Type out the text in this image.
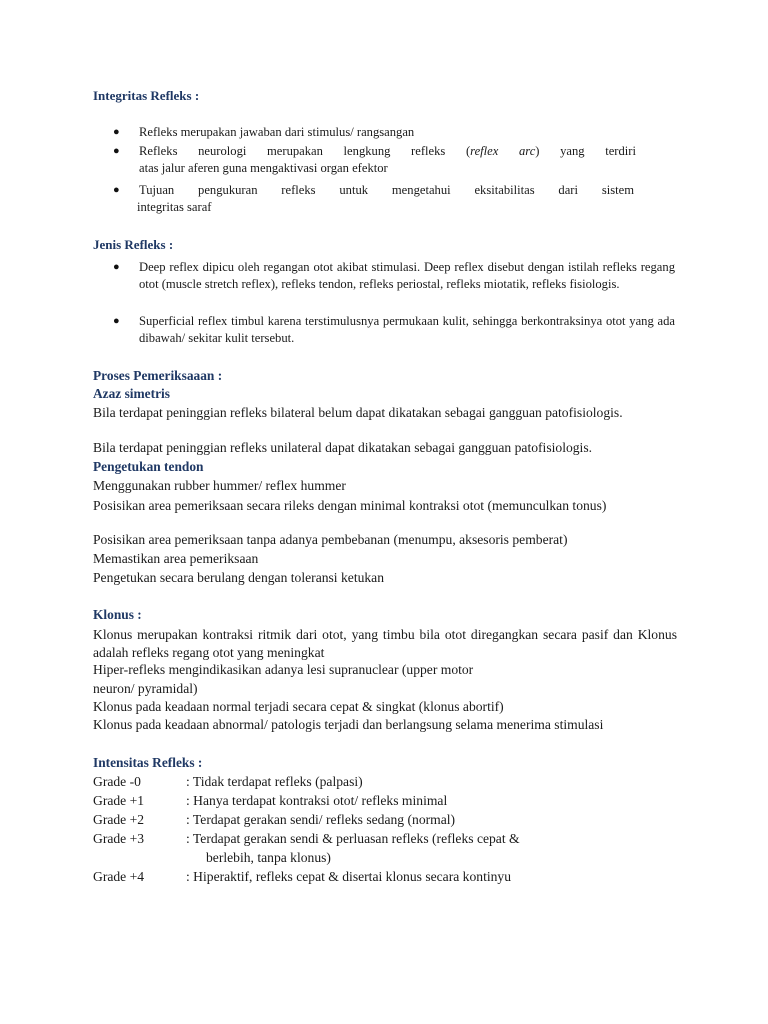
Integritas Refleks :
● Refleks merupakan jawaban dari stimulus/ rangsangan
● Refleks neurologi merupakan lengkung refleks (reflex arc) yang terdiri
atas jalur aferen guna mengaktivasi organ efektor
● Tujuan pengukuran refleks untuk mengetahui eksitabilitas dari sistem
integritas saraf
Jenis Refleks :
● Deep reflex dipicu oleh regangan otot akibat stimulasi. Deep reflex disebut dengan istilah refleks regang otot (muscle stretch reflex), refleks tendon, refleks periostal, refleks miotatik, refleks fisiologis.
● Superficial reflex timbul karena terstimulusnya permukaan kulit, sehingga berkontraksinya otot yang ada dibawah/ sekitar kulit tersebut.
Proses Pemeriksaaan :
Azaz simetris
Bila terdapat peninggian refleks bilateral belum dapat dikatakan sebagai gangguan patofisiologis.
Bila terdapat peninggian refleks unilateral dapat dikatakan sebagai gangguan patofisiologis.
Pengetukan tendon
Menggunakan rubber hummer/ reflex hummer
Posisikan area pemeriksaan secara rileks dengan minimal kontraksi otot (memunculkan tonus)
Posisikan area pemeriksaan tanpa adanya pembebanan (menumpu, aksesoris pemberat)
Memastikan area pemeriksaan
Pengetukan secara berulang dengan toleransi ketukan
Klonus :
Klonus merupakan kontraksi ritmik dari otot, yang timbu bila otot diregangkan secara pasif dan Klonus adalah refleks regang otot yang meningkat
Hiper-refleks mengindikasikan adanya lesi supranuclear (upper motor
neuron/ pyramidal)
Klonus pada keadaan normal terjadi secara cepat & singkat (klonus abortif)
Klonus pada keadaan abnormal/ patologis terjadi dan berlangsung selama menerima stimulasi
Intensitas Refleks :
Grade -0	: Tidak terdapat refleks (palpasi)
Grade +1	: Hanya terdapat kontraksi otot/ refleks minimal
Grade +2	: Terdapat gerakan sendi/ refleks sedang (normal)
Grade +3	: Terdapat gerakan sendi & perluasan refleks (refleks cepat &
berlebih, tanpa klonus)
Grade +4	: Hiperaktif, refleks cepat & disertai klonus secara kontinyu
